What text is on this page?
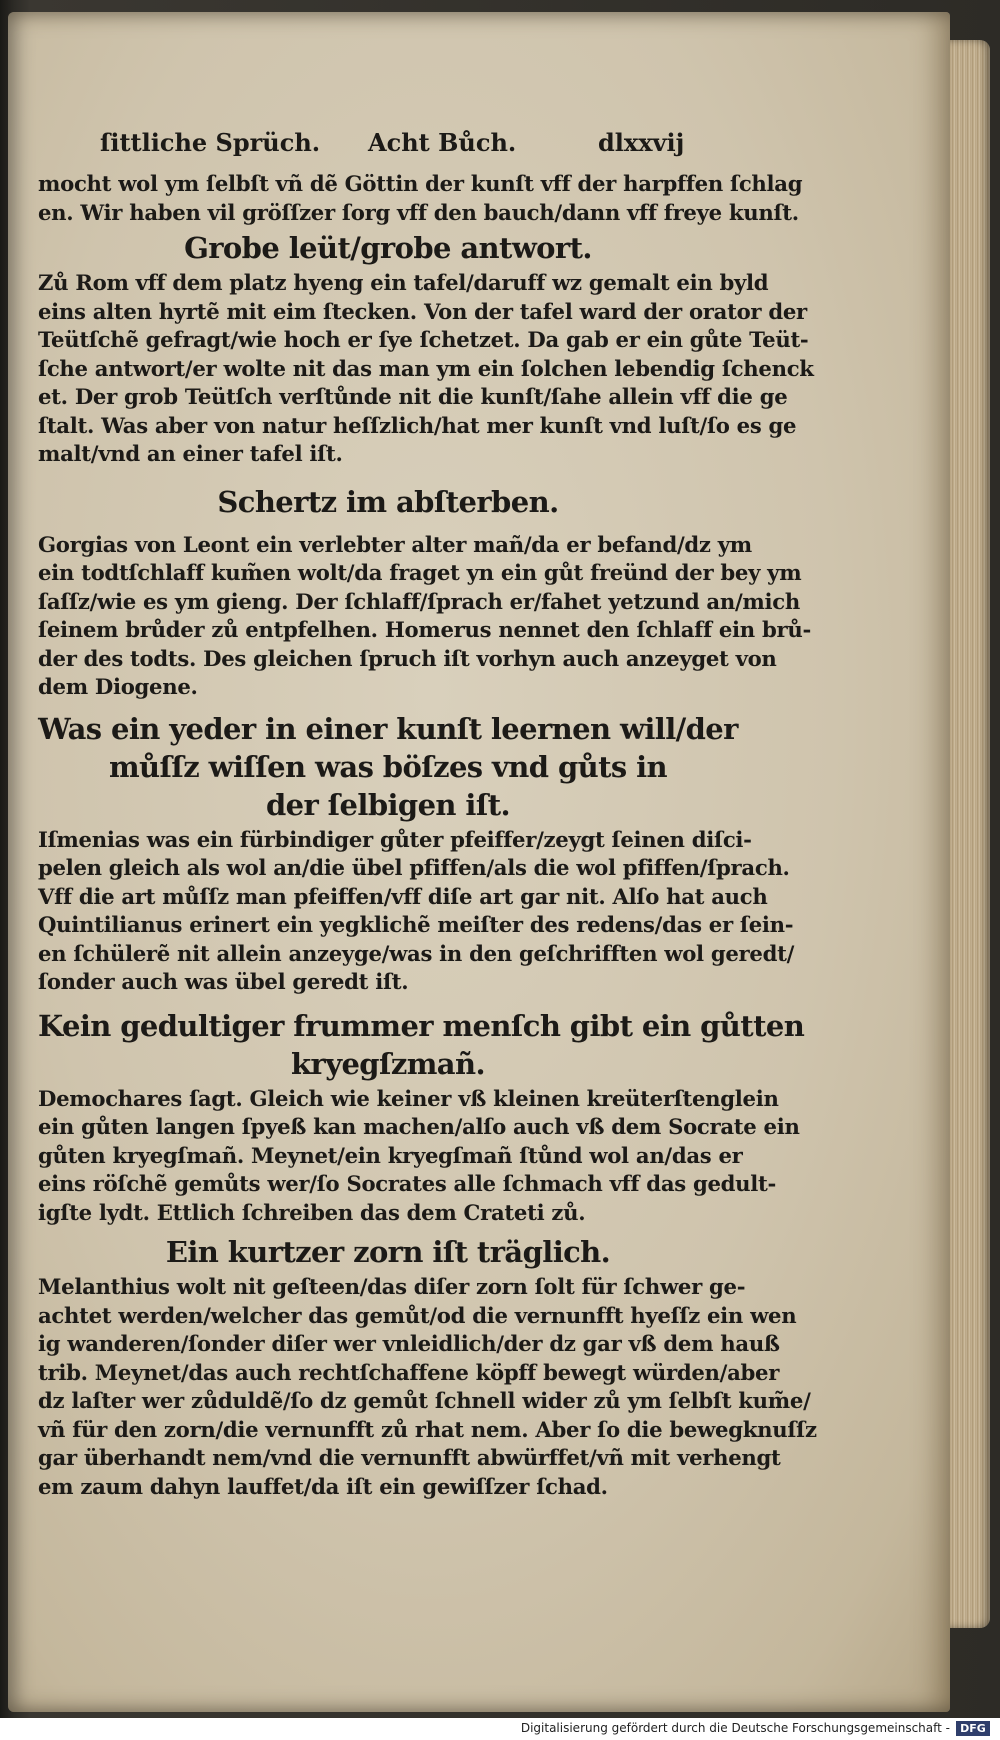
ſittliche Sprüch. Acht Bůch.	dlxxvij
mocht wol ym ſelbſt vñ dẽ Göttin der kunſt vff der harpffen ſchlag
en. Wir haben vil gröſſzer ſorg vff den bauch/dann vff freye kunſt.
Grobe leüt/grobe antwort.
Zů Rom vff dem platz hyeng ein tafel/daruff wz gemalt ein byld
eins alten hyrtẽ mit eim ſtecken. Von der tafel ward der orator der
Teütſchẽ gefragt/wie hoch er ſye ſchetzet. Da gab er ein gůte Teüt-
ſche antwort/er wolte nit das man ym ein ſolchen lebendig ſchenck
et. Der grob Teütſch verſtůnde nit die kunſt/ſahe allein vff die ge
ſtalt. Was aber von natur heſſzlich/hat mer kunſt vnd luſt/ſo es ge
malt/vnd an einer tafel iſt.
Schertz im abſterben.
Gorgias von Leont ein verlebter alter mañ/da er befand/dz ym
ein todtſchlaff kum̃en wolt/da fraget yn ein gůt freünd der bey ym
ſaſſz/wie es ym gieng. Der ſchlaff/ſprach er/fahet yetzund an/mich
ſeinem brůder zů entpfelhen. Homerus nennet den ſchlaff ein brů-
der des todts. Des gleichen ſpruch iſt vorhyn auch anzeyget von
dem Diogene.
Was ein yeder in einer kunſt leernen will/der
můſſz wiſſen was böſzes vnd gůts in
der ſelbigen iſt.
Iſmenias was ein fürbindiger gůter pfeiffer/zeygt ſeinen diſci-
pelen gleich als wol an/die übel pfiffen/als die wol pfiffen/ſprach.
Vff die art můſſz man pfeiffen/vff diſe art gar nit. Alſo hat auch
Quintilianus erinert ein yegklichẽ meiſter des redens/das er ſein-
en ſchülerẽ nit allein anzeyge/was in den geſchrifften wol geredt/
ſonder auch was übel geredt iſt.
Kein gedultiger frummer menſch gibt ein gůtten
kryegſzmañ.
Demochares ſagt. Gleich wie keiner vß kleinen kreüterſtenglein
ein gůten langen ſpyeß kan machen/alſo auch vß dem Socrate ein
gůten kryegſmañ. Meynet/ein kryegſmañ ſtůnd wol an/das er
eins röſchẽ gemůts wer/ſo Socrates alle ſchmach vff das gedult-
igſte lydt. Ettlich ſchreiben das dem Crateti zů.
Ein kurtzer zorn iſt träglich.
Melanthius wolt nit geſteen/das diſer zorn ſolt für ſchwer ge-
achtet werden/welcher das gemůt/od die vernunfft hyeſſz ein wen
ig wanderen/ſonder diſer wer vnleidlich/der dz gar vß dem hauß
trib. Meynet/das auch rechtſchaffene köpff bewegt würden/aber
dz laſter wer zůduldẽ/ſo dz gemůt ſchnell wider zů ym ſelbſt kum̃e/
vñ für den zorn/die vernunfft zů rhat nem. Aber ſo die bewegknuſſz
gar überhandt nem/vnd die vernunfft abwürffet/vñ mit verhengt
em zaum dahyn lauffet/da iſt ein gewiſſzer ſchad.
Digitalisierung gefördert durch die Deutsche Forschungsgemeinschaft - DFG
